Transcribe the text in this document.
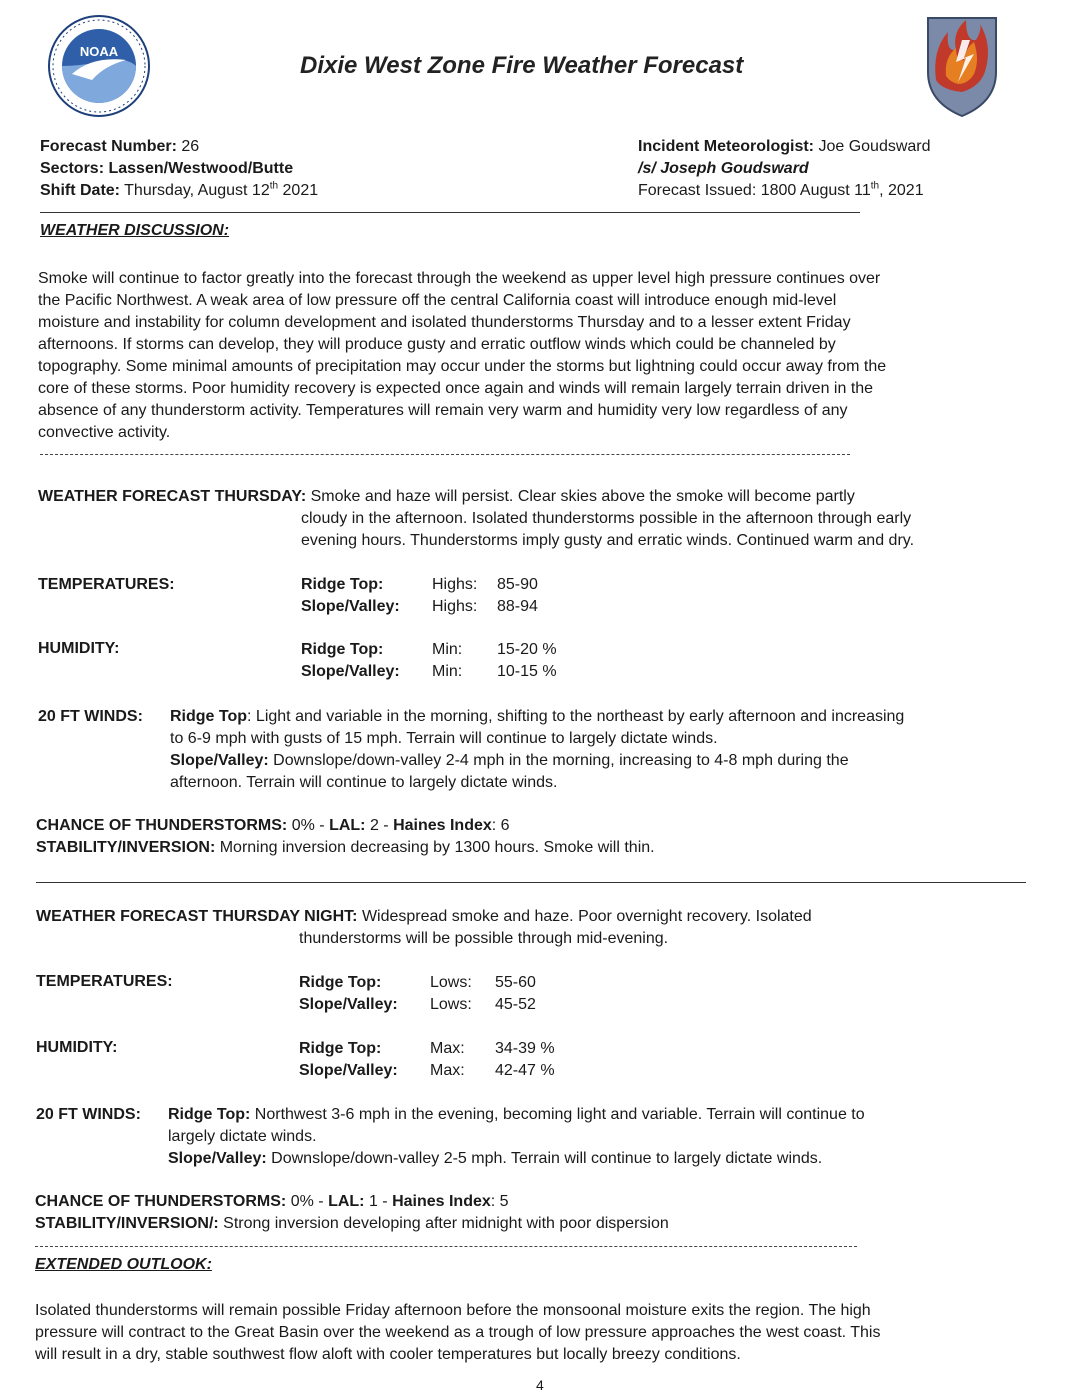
NOAA
Dixie West Zone Fire Weather Forecast
Forecast Number: 26
Sectors: Lassen/Westwood/Butte
Shift Date: Thursday, August 12th 2021
Incident Meteorologist: Joe Goudsward
/s/ Joseph Goudsward
Forecast Issued: 1800 August 11th, 2021
WEATHER DISCUSSION:
Smoke will continue to factor greatly into the forecast through the weekend as upper level high pressure continues over
the Pacific Northwest. A weak area of low pressure off the central California coast will introduce enough mid-level
moisture and instability for column development and isolated thunderstorms Thursday and to a lesser extent Friday
afternoons. If storms can develop, they will produce gusty and erratic outflow winds which could be channeled by
topography. Some minimal amounts of precipitation may occur under the storms but lightning could occur away from the
core of these storms. Poor humidity recovery is expected once again and winds will remain largely terrain driven in the
absence of any thunderstorm activity. Temperatures will remain very warm and humidity very low regardless of any
convective activity.
WEATHER FORECAST THURSDAY: Smoke and haze will persist. Clear skies above the smoke will become partly
cloudy in the afternoon. Isolated thunderstorms possible in the afternoon through early
evening hours. Thunderstorms imply gusty and erratic winds. Continued warm and dry.
TEMPERATURES:	Ridge Top:	Highs: 85-90
Slope/Valley: Highs: 88-94
HUMIDITY:	Ridge Top:	Min: 15-20 %
Slope/Valley: Min: 10-15 %
20 FT WINDS: Ridge Top: Light and variable in the morning, shifting to the northeast by early afternoon and increasing
to 6-9 mph with gusts of 15 mph. Terrain will continue to largely dictate winds.
Slope/Valley: Downslope/down-valley 2-4 mph in the morning, increasing to 4-8 mph during the
afternoon. Terrain will continue to largely dictate winds.
CHANCE OF THUNDERSTORMS: 0% - LAL: 2 - Haines Index: 6
STABILITY/INVERSION: Morning inversion decreasing by 1300 hours. Smoke will thin.
WEATHER FORECAST THURSDAY NIGHT: Widespread smoke and haze. Poor overnight recovery. Isolated
thunderstorms will be possible through mid-evening.
TEMPERATURES:	Ridge Top:	Lows: 55-60
Slope/Valley: Lows: 45-52
HUMIDITY:	Ridge Top:	Max: 34-39 %
Slope/Valley: Max: 42-47 %
20 FT WINDS: Ridge Top: Northwest 3-6 mph in the evening, becoming light and variable. Terrain will continue to
largely dictate winds.
Slope/Valley: Downslope/down-valley 2-5 mph. Terrain will continue to largely dictate winds.
CHANCE OF THUNDERSTORMS: 0% - LAL: 1 - Haines Index: 5
STABILITY/INVERSION/: Strong inversion developing after midnight with poor dispersion
EXTENDED OUTLOOK:
Isolated thunderstorms will remain possible Friday afternoon before the monsoonal moisture exits the region. The high
pressure will contract to the Great Basin over the weekend as a trough of low pressure approaches the west coast. This
will result in a dry, stable southwest flow aloft with cooler temperatures but locally breezy conditions.
4
